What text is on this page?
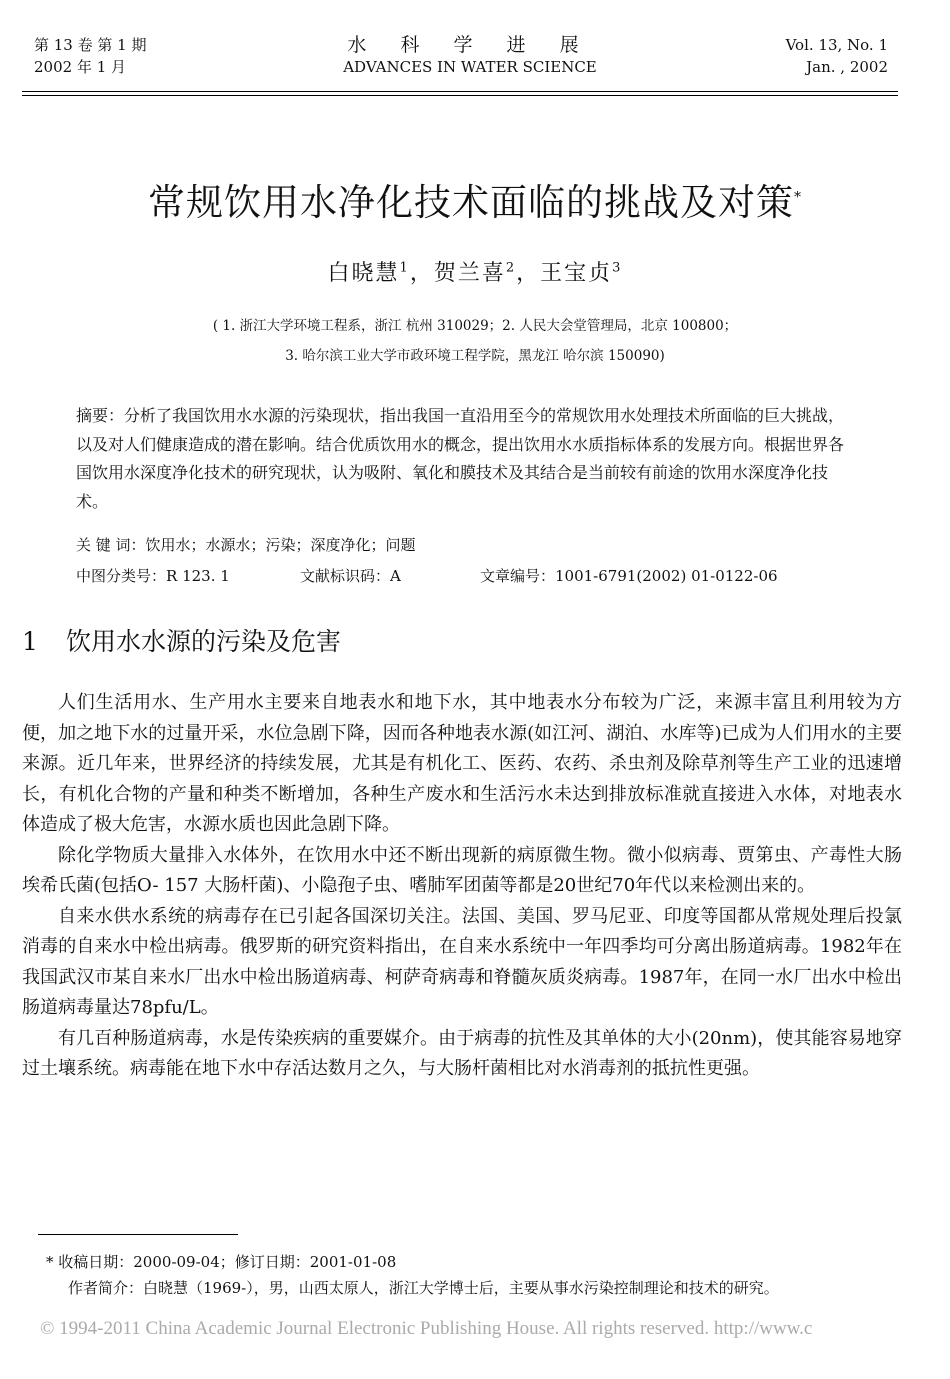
第 13 卷 第 1 期
2002 年 1 月
水 科 学 进 展
ADVANCES IN WATER SCIENCE
Vol. 13, No. 1
Jan. , 2002
常规饮用水净化技术面临的挑战及对策*
白晓慧$^1$，贺兰喜$^2$，王宝贞$^3$
( 1. 浙江大学环境工程系，浙江 杭州 310029；2. 人民大会堂管理局，北京 100800；
3. 哈尔滨工业大学市政环境工程学院，黑龙江 哈尔滨 150090)
摘要：分析了我国饮用水水源的污染现状，指出我国一直沿用至今的常规饮用水处理技术所面临的巨大挑战，以及对人们健康造成的潜在影响。结合优质饮用水的概念，提出饮用水水质指标体系的发展方向。根据世界各国饮用水深度净化技术的研究现状，认为吸附、氧化和膜技术及其结合是当前较有前途的饮用水深度净化技术。
关 键 词：饮用水；水源水；污染；深度净化；问题
中图分类号：R 123. 1	文献标识码：A	文章编号：1001-6791(2002) 01-0122-06
1 饮用水水源的污染及危害

人们生活用水、生产用水主要来自地表水和地下水，其中地表水分布较为广泛，来源丰富且利用较为方便，加之地下水的过量开采，水位急剧下降，因而各种地表水源(如江河、湖泊、水库等)已成为人们用水的主要来源。近几年来，世界经济的持续发展，尤其是有机化工、医药、农药、杀虫剂及除草剂等生产工业的迅速增长，有机化合物的产量和种类不断增加，各种生产废水和生活污水未达到排放标准就直接进入水体，对地表水体造成了极大危害，水源水质也因此急剧下降。

除化学物质大量排入水体外，在饮用水中还不断出现新的病原微生物。微小似病毒、贾第虫、产毒性大肠埃希氏菌(包括O- 157 大肠杆菌)、小隐孢子虫、嗜肺军团菌等都是20世纪70年代以来检测出来的。

自来水供水系统的病毒存在已引起各国深切关注。法国、美国、罗马尼亚、印度等国都从常规处理后投氯消毒的自来水中检出病毒。俄罗斯的研究资料指出，在自来水系统中一年四季均可分离出肠道病毒。1982年在我国武汉市某自来水厂出水中检出肠道病毒、柯萨奇病毒和脊髓灰质炎病毒。1987年，在同一水厂出水中检出肠道病毒量达78pfu/L。

有几百种肠道病毒，水是传染疾病的重要媒介。由于病毒的抗性及其单体的大小(20nm)，使其能容易地穿过土壤系统。病毒能在地下水中存活达数月之久，与大肠杆菌相比对水消毒剂的抵抗性更强。

* 收稿日期：2000-09-04；修订日期：2001-01-08
作者简介：白晓慧（1969-），男，山西太原人，浙江大学博士后，主要从事水污染控制理论和技术的研究。
© 1994-2011 China Academic Journal Electronic Publishing House. All rights reserved. http://www.c
